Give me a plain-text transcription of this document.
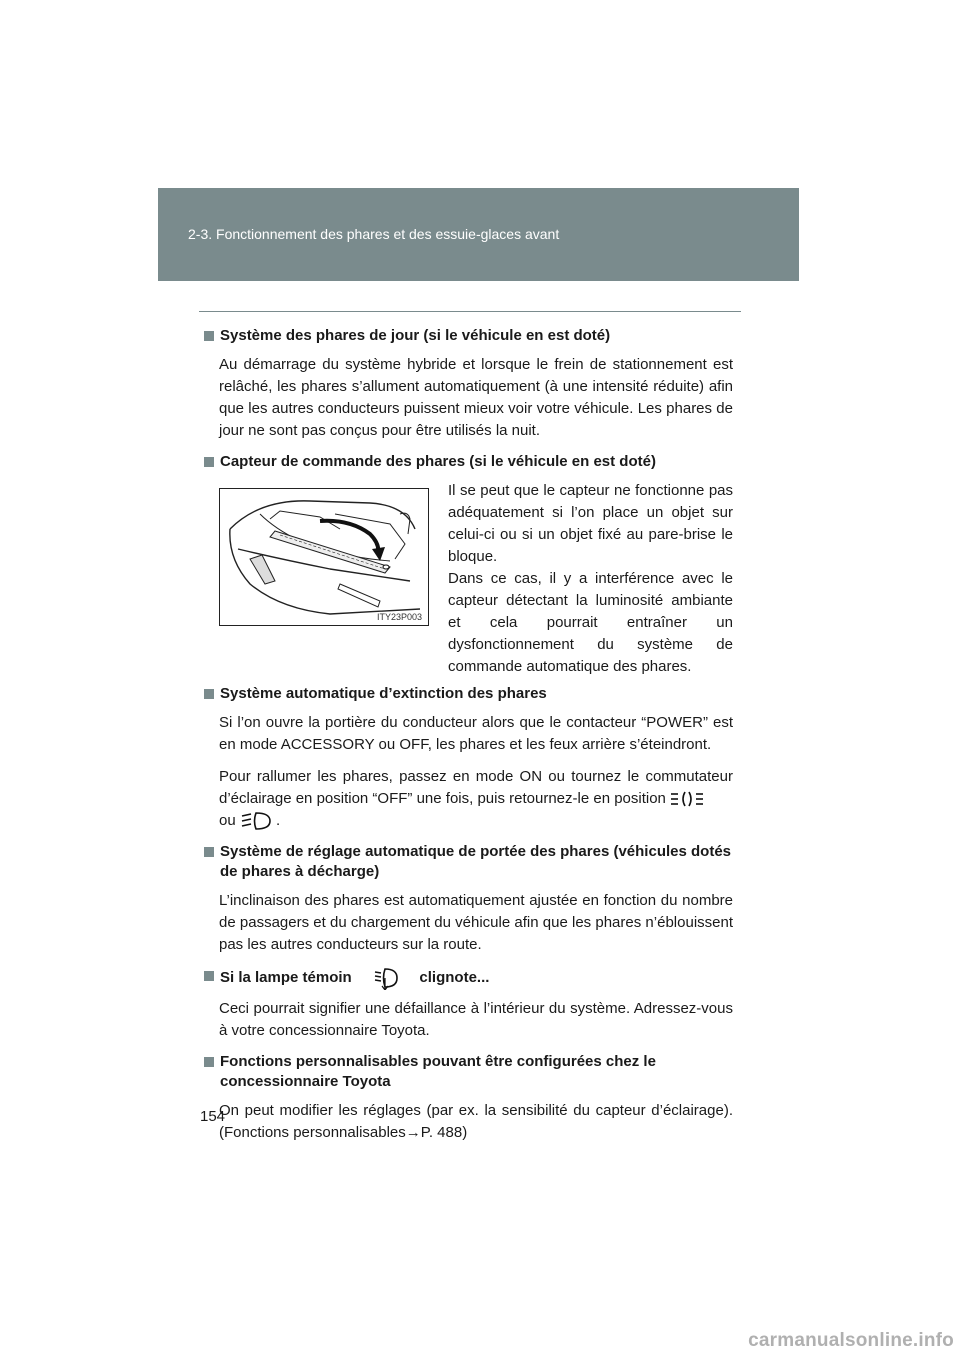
2-3. Fonctionnement des phares et des essuie-glaces avant
Système des phares de jour (si le véhicule en est doté)

Au démarrage du système hybride et lorsque le frein de stationnement est relâché, les phares s’allument automatiquement (à une intensité réduite) afin que les autres conducteurs puissent mieux voir votre véhicule. Les phares de jour ne sont pas conçus pour être utilisés la nuit.

Capteur de commande des phares (si le véhicule en est doté)
ITY23P003

Il se peut que le capteur ne fonctionne pas adéquatement si l’on place un objet sur celui-ci ou si un objet fixé au pare-brise le bloque.

Dans ce cas, il y a interférence avec le capteur détectant la luminosité ambiante et cela pourrait entraîner un dysfonctionnement du système de commande automatique des phares.

Système automatique d’extinction des phares

Si l’on ouvre la portière du conducteur alors que le contacteur “POWER” est en mode ACCESSORY ou OFF, les phares et les feux arrière s’éteindront.

Pour rallumer les phares, passez en mode ON ou tournez le commutateur d’éclairage en position “OFF” une fois, puis retournez-le en position
ou	.

Système de réglage automatique de portée des phares (véhicules dotés de phares à décharge)

L’inclinaison des phares est automatiquement ajustée en fonction du nombre de passagers et du chargement du véhicule afin que les phares n’éblouissent pas les autres conducteurs sur la route.

Si la lampe témoin	clignote...

Ceci pourrait signifier une défaillance à l’intérieur du système. Adressez-vous à votre concessionnaire Toyota.

Fonctions personnalisables pouvant être configurées chez le concessionnaire Toyota

On peut modifier les réglages (par ex. la sensibilité du capteur d’éclairage). (Fonctions personnalisables→P. 488)

154
carmanualsonline.info
